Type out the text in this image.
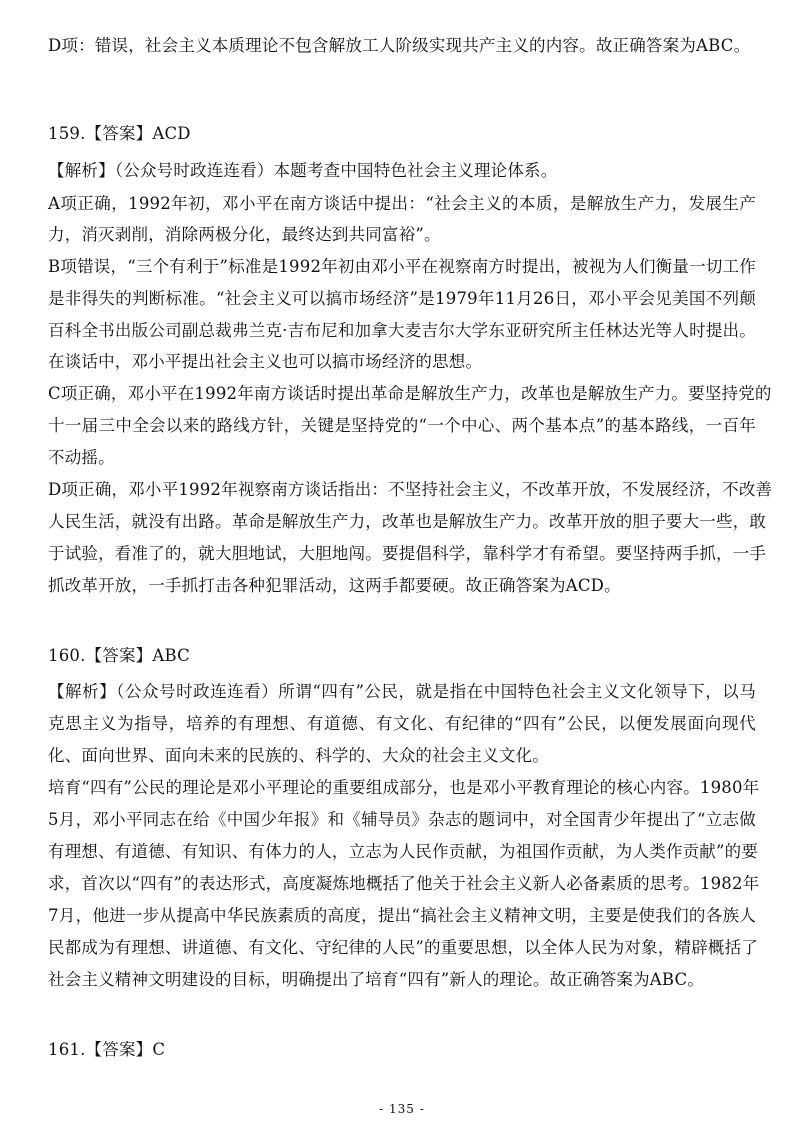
D项：错误，社会主义本质理论不包含解放工人阶级实现共产主义的内容。故正确答案为ABC。
159.【答案】ACD
【解析】（公众号时政连连看）本题考查中国特色社会主义理论体系。
A项正确，1992年初，邓小平在南方谈话中提出：“社会主义的本质，是解放生产力，发展生产
力，消灭剥削，消除两极分化，最终达到共同富裕”。
B项错误，“三个有利于”标准是1992年初由邓小平在视察南方时提出，被视为人们衡量一切工作
是非得失的判断标准。“社会主义可以搞市场经济”是1979年11月26日，邓小平会见美国不列颠
百科全书出版公司副总裁弗兰克·吉布尼和加拿大麦吉尔大学东亚研究所主任林达光等人时提出。
在谈话中，邓小平提出社会主义也可以搞市场经济的思想。
C项正确，邓小平在1992年南方谈话时提出革命是解放生产力，改革也是解放生产力。要坚持党的
十一届三中全会以来的路线方针，关键是坚持党的“一个中心、两个基本点”的基本路线，一百年
不动摇。
D项正确，邓小平1992年视察南方谈话指出：不坚持社会主义，不改革开放，不发展经济，不改善
人民生活，就没有出路。革命是解放生产力，改革也是解放生产力。改革开放的胆子要大一些，敢
于试验，看准了的，就大胆地试，大胆地闯。要提倡科学，靠科学才有希望。要坚持两手抓，一手
抓改革开放，一手抓打击各种犯罪活动，这两手都要硬。故正确答案为ACD。
160.【答案】ABC
【解析】（公众号时政连连看）所谓“四有”公民，就是指在中国特色社会主义文化领导下，以马
克思主义为指导，培养的有理想、有道德、有文化、有纪律的“四有”公民，以便发展面向现代
化、面向世界、面向未来的民族的、科学的、大众的社会主义文化。
培育“四有”公民的理论是邓小平理论的重要组成部分，也是邓小平教育理论的核心内容。1980年
5月，邓小平同志在给《中国少年报》和《辅导员》杂志的题词中，对全国青少年提出了“立志做
有理想、有道德、有知识、有体力的人，立志为人民作贡献，为祖国作贡献，为人类作贡献”的要
求，首次以“四有”的表达形式，高度凝炼地概括了他关于社会主义新人必备素质的思考。1982年
7月，他进一步从提高中华民族素质的高度，提出“搞社会主义精神文明，主要是使我们的各族人
民都成为有理想、讲道德、有文化、守纪律的人民”的重要思想，以全体人民为对象，精辟概括了
社会主义精神文明建设的目标，明确提出了培育“四有”新人的理论。故正确答案为ABC。
161.【答案】C
- 135 -
